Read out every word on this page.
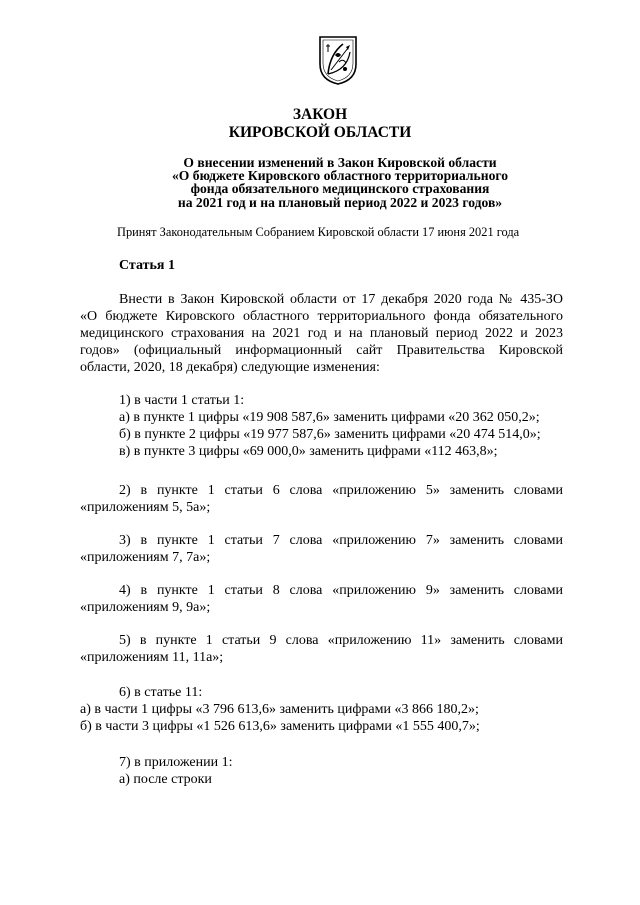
ЗАКОН
КИРОВСКОЙ ОБЛАСТИ
О внесении изменений в Закон Кировской области
«О бюджете Кировского областного территориального
фонда обязательного медицинского страхования
на 2021 год и на плановый период 2022 и 2023 годов»
Принят Законодательным Собранием Кировской области 17 июня 2021 года
Статья 1
Внести в Закон Кировской области от 17 декабря 2020 года № 435-ЗО
«О бюджете Кировского областного территориального фонда обязательного
медицинского страхования на 2021 год и на плановый период 2022 и 2023
годов» (официальный информационный сайт Правительства Кировской
области, 2020, 18 декабря) следующие изменения:
1) в части 1 статьи 1:
а) в пункте 1 цифры «19 908 587,6» заменить цифрами «20 362 050,2»;
б) в пункте 2 цифры «19 977 587,6» заменить цифрами «20 474 514,0»;
в) в пункте 3 цифры «69 000,0» заменить цифрами «112 463,8»;
2) в пункте 1 статьи 6 слова «приложению 5» заменить словами
«приложениям 5, 5а»;
3) в пункте 1 статьи 7 слова «приложению 7» заменить словами
«приложениям 7, 7а»;
4) в пункте 1 статьи 8 слова «приложению 9» заменить словами
«приложениям 9, 9а»;
5) в пункте 1 статьи 9 слова «приложению 11» заменить словами
«приложениям 11, 11а»;
6) в статье 11:
а) в части 1 цифры «3 796 613,6» заменить цифрами «3 866 180,2»;
б) в части 3 цифры «1 526 613,6» заменить цифрами «1 555 400,7»;
7) в приложении 1:
а) после строки
